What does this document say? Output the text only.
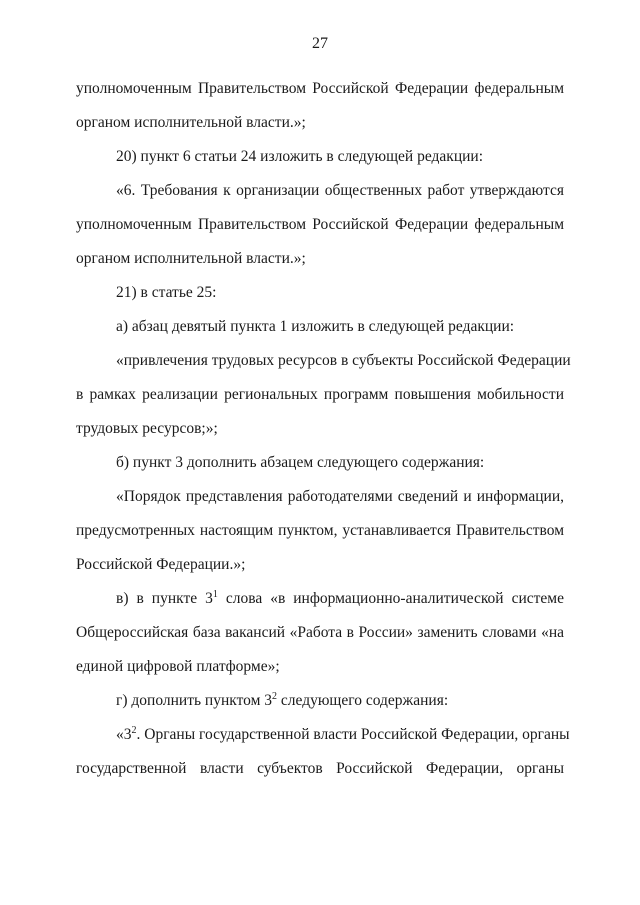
27
уполномоченным Правительством Российской Федерации федеральным
органом исполнительной власти.»;
20) пункт 6 статьи 24 изложить в следующей редакции:
«6. Требования к организации общественных работ утверждаются
уполномоченным Правительством Российской Федерации федеральным
органом исполнительной власти.»;
21) в статье 25:
а) абзац девятый пункта 1 изложить в следующей редакции:
«привлечения трудовых ресурсов в субъекты Российской Федерации
в рамках реализации региональных программ повышения мобильности
трудовых ресурсов;»;
б) пункт 3 дополнить абзацем следующего содержания:
«Порядок представления работодателями сведений и информации,
предусмотренных настоящим пунктом, устанавливается Правительством
Российской Федерации.»;
в) в пункте $3^1$ слова «в информационно-аналитической системе
Общероссийская база вакансий «Работа в России» заменить словами «на
единой цифровой платформе»;
г) дополнить пунктом $3^2$ следующего содержания:
«$3^2$. Органы государственной власти Российской Федерации, органы
государственной власти субъектов Российской Федерации, органы
